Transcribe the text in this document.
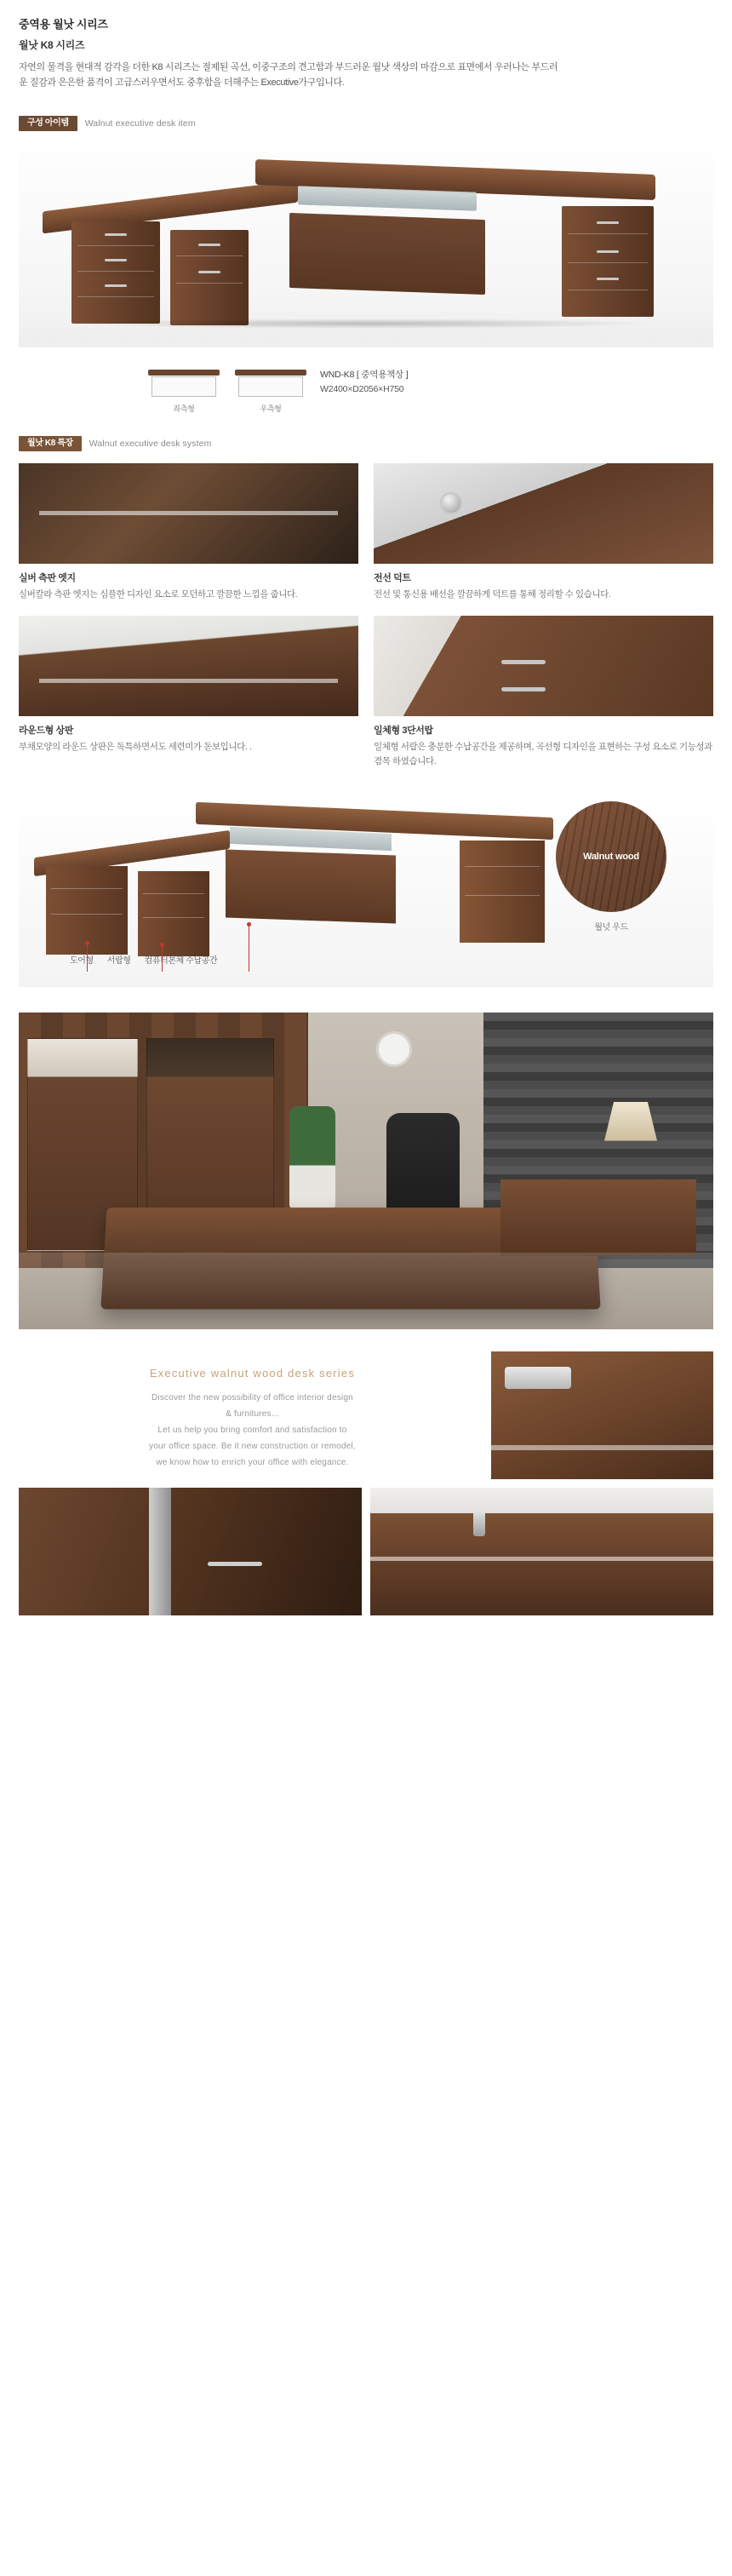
중역용 월낫 시리즈
월낫 K8 시리즈

자연의 물격을 현대적 감각을 더한 K8 시리즈는 절제된 곡선, 이중구조의 견고함과 부드러운 월낫 색상의 마감으로 표면에서 우러나는 부드러운 질감과 은은한 품격이 고급스러우면서도 중후함을 더해주는 Executive가구입니다.

구성 아이템	Walnut executive desk item
좌측형	우측형
WND-K8 [ 중역용책상 ]
W2400×D2056×H750
월낫 K8 특장	Walnut executive desk system
실버 측판 엣지
실버칼라 측판 엣지는 심플한 디자인 요소로 모던하고 깔끔한 느낌을 줍니다.
전선 덕트
전선 및 통신용 배선을 깔끔하게 덕트를 통해 정리할 수 있습니다.
라운드형 상판
부채모양의 라운드 상판은 독특하면서도 세련미가 돋보입니다. .
일체형 3단서랍
일체형 서랍은 충분한 수납공간을 제공하며, 곡선형 디자인을 표현하는 구성 요소로 기능성과 겸목 하였습니다.
도어형 서랍형 컴퓨터본체 수납공간
Walnut wood
월넛 우드
Executive walnut wood desk series
Discover the new possibility of office interior design
& furnitures...
Let us help you bring comfort and satisfaction to
your office space. Be it new construction or remodel,
we know how to enrich your office with elegance.
